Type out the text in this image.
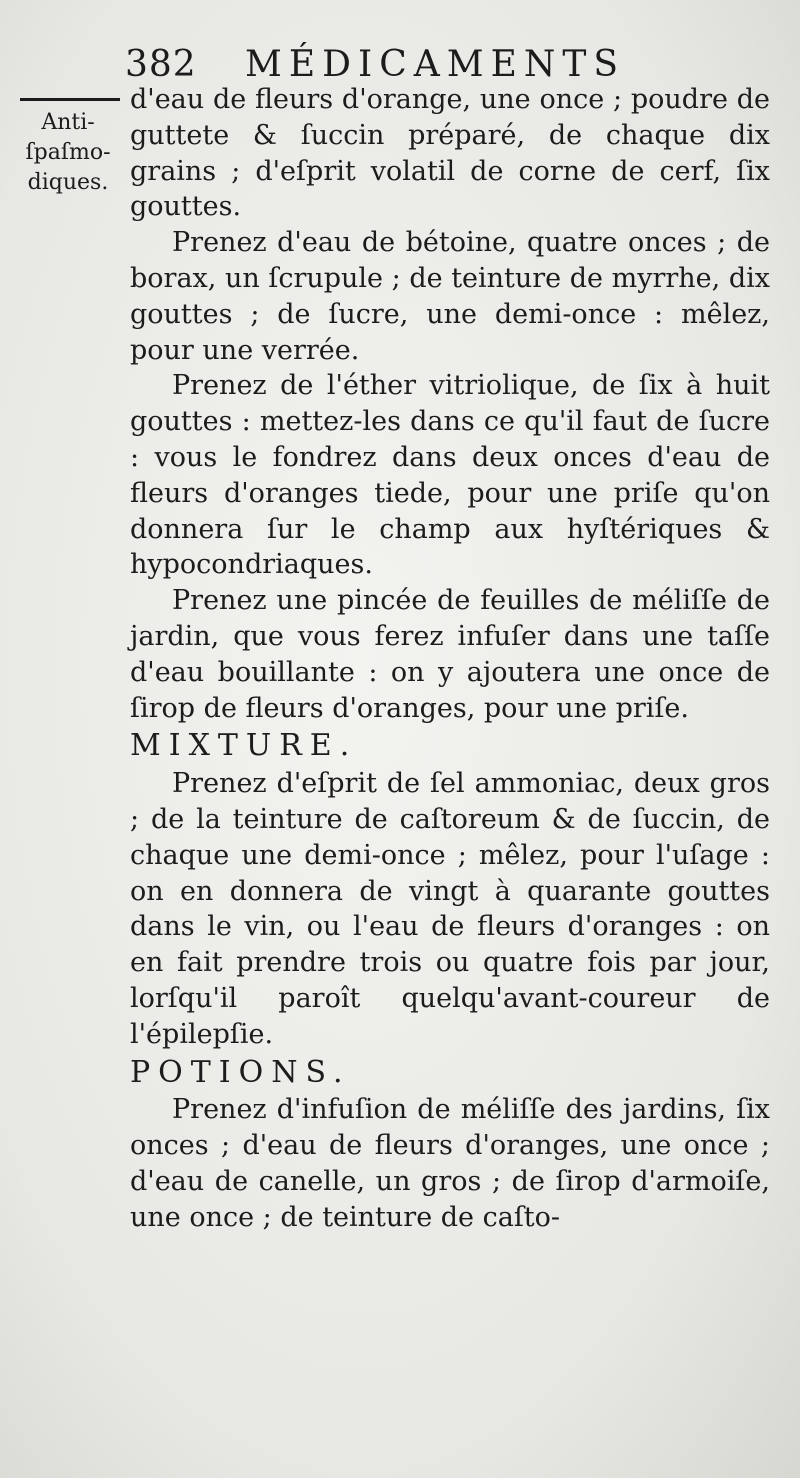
382 MÉDICAMENTS
Anti-
ſpaſmo-
diques.

d'eau de fleurs d'orange, une once ; poudre de guttete & ſuccin préparé, de chaque dix grains ; d'eſprit volatil de corne de cerf, ſix gouttes.

Prenez d'eau de bétoine, quatre onces ; de borax, un ſcrupule ; de teinture de myrrhe, dix gouttes ; de ſucre, une demi-once : mêlez, pour une verrée.

Prenez de l'éther vitriolique, de ſix à huit gouttes : mettez-les dans ce qu'il faut de ſucre : vous le fondrez dans deux onces d'eau de fleurs d'oranges tiede, pour une priſe qu'on donnera ſur le champ aux hyſtériques & hypocondriaques.

Prenez une pincée de feuilles de méliſſe de jardin, que vous ferez infuſer dans une taſſe d'eau bouillante : on y ajoutera une once de ſirop de fleurs d'oranges, pour une priſe.

MIXTURE.

Prenez d'eſprit de ſel ammoniac, deux gros ; de la teinture de caſtoreum & de ſuccin, de chaque une demi-once ; mêlez, pour l'uſage : on en donnera de vingt à quarante gouttes dans le vin, ou l'eau de fleurs d'oranges : on en fait prendre trois ou quatre fois par jour, lorſqu'il paroît quelqu'avant-coureur de l'épilepſie.

POTIONS.

Prenez d'infuſion de méliſſe des jardins, ſix onces ; d'eau de fleurs d'oranges, une once ; d'eau de canelle, un gros ; de ſirop d'armoiſe, une once ; de teinture de caſto-
